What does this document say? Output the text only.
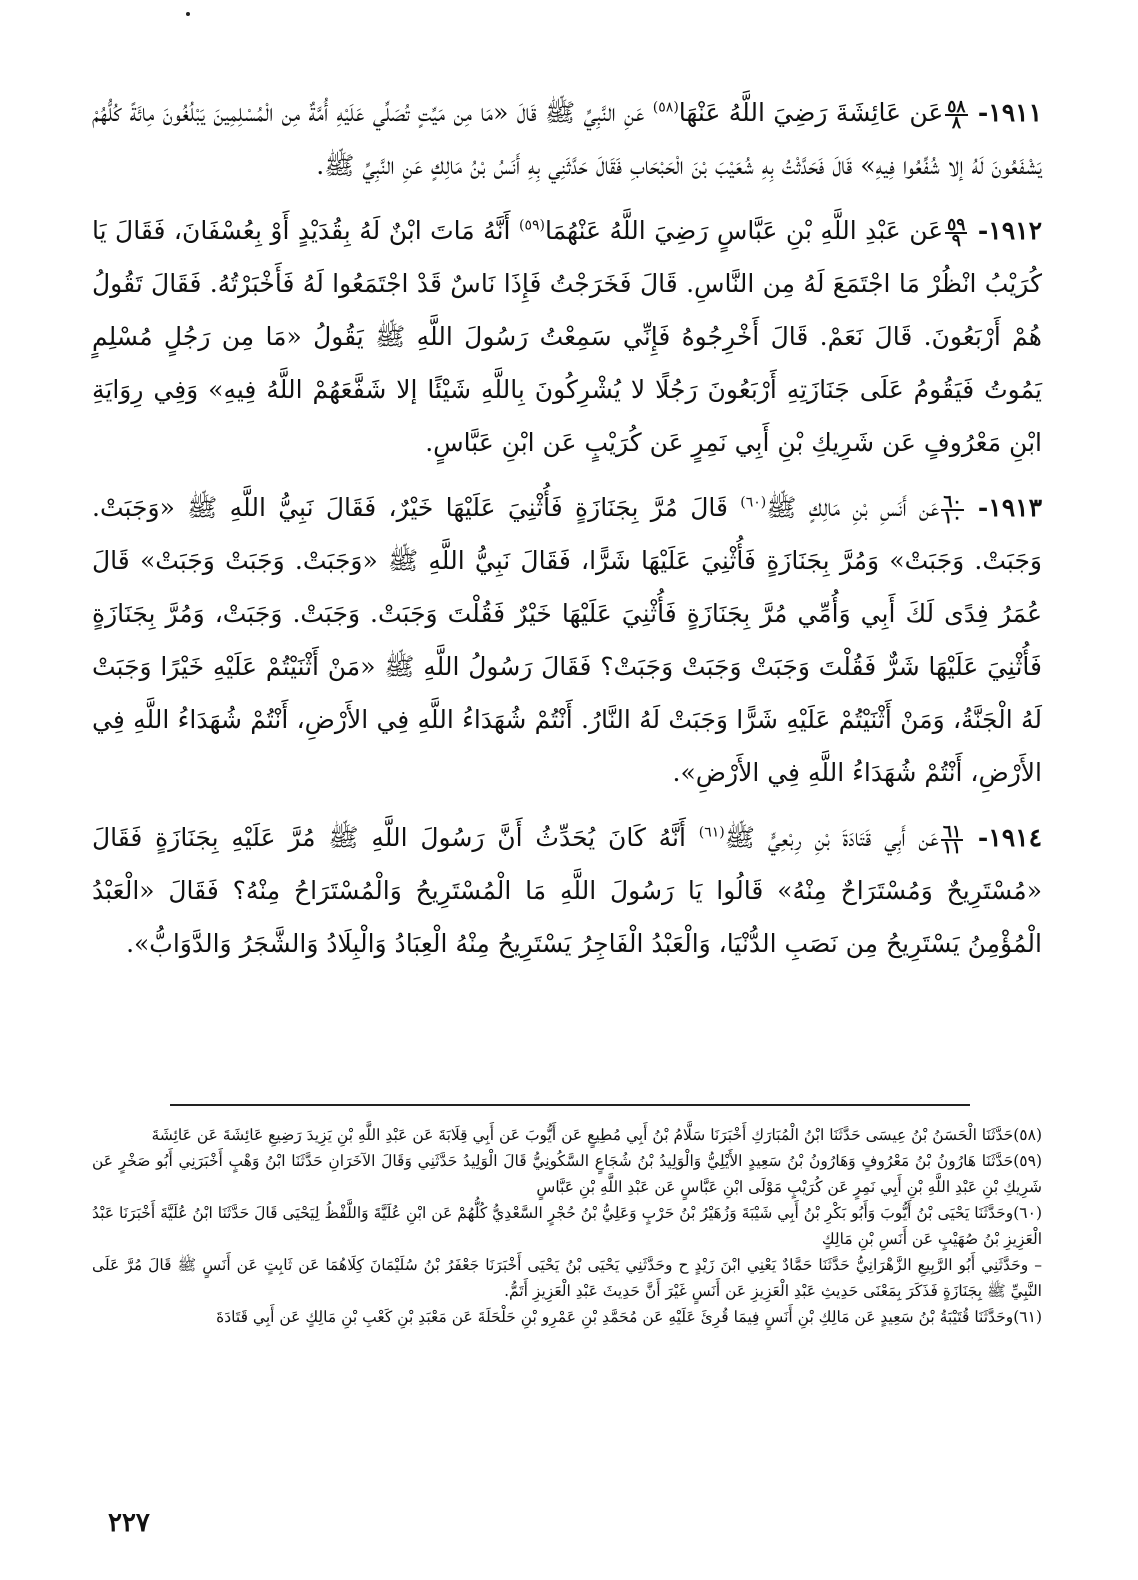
١٩١١-
$\frac{٥٨}{٨}$
عَن عَائِشَةَ رَضِيَ اللَّهُ عَنْهَا$^{(٥٨)}$ عَنِ النَّبِيِّ ﷺ قَالَ «مَا مِن مَيِّتٍ تُصَلِّي عَلَيْهِ أُمَّةٌ مِن الْمُسْلِمِينَ يَبْلُغُونَ مِائَةً كُلُّهُمْ يَشْفَعُونَ لَهُ إلا شُفِّعُوا فِيهِ» قَالَ فَحَدَّثْتُ بِهِ شُعَيْبَ بْنَ الْحَبْحَابِ فَقَالَ حَدَّثَنِي بِهِ أَنَسُ بْنُ مَالِكٍ عَنِ النَّبِيِّ ﷺ.

١٩١٢-
$\frac{٥٩}{٩}$
عَن عَبْدِ اللَّهِ بْنِ عَبَّاسٍ رَضِيَ اللَّهُ عَنْهُمَا$^{(٥٩)}$ أَنَّهُ مَاتَ ابْنٌ لَهُ بِقُدَيْدٍ أَوْ بِعُسْفَانَ، فَقَالَ يَا كُرَيْبُ انْظُرْ مَا اجْتَمَعَ لَهُ مِن النَّاسِ. قَالَ فَخَرَجْتُ فَإِذَا نَاسٌ قَدْ اجْتَمَعُوا لَهُ فَأَخْبَرْتُهُ. فَقَالَ تَقُولُ هُمْ أَرْبَعُونَ. قَالَ نَعَمْ. قَالَ أَخْرِجُوهُ فَإِنِّي سَمِعْتُ رَسُولَ اللَّهِ ﷺ يَقُولُ «مَا مِن رَجُلٍ مُسْلِمٍ يَمُوتُ فَيَقُومُ عَلَى جَنَازَتِهِ أَرْبَعُونَ رَجُلًا لا يُشْرِكُونَ بِاللَّهِ شَيْئًا إلا شَفَّعَهُمْ اللَّهُ فِيهِ» وَفِي رِوَايَةِ ابْنِ مَعْرُوفٍ عَن شَرِيكِ بْنِ أَبِي نَمِرٍ عَن كُرَيْبٍ عَن ابْنِ عَبَّاسٍ.

١٩١٣-
$\frac{٦٠}{١٠}$
عَن أَنَسِ بْنِ مَالِكٍ ﷺ$^{(٦٠)}$ قَالَ مُرَّ بِجَنَازَةٍ فَأُثْنِيَ عَلَيْهَا خَيْرٌ، فَقَالَ نَبِيُّ اللَّهِ ﷺ «وَجَبَتْ. وَجَبَتْ. وَجَبَتْ» وَمُرَّ بِجَنَازَةٍ فَأُثْنِيَ عَلَيْهَا شَرًّا، فَقَالَ نَبِيُّ اللَّهِ ﷺ «وَجَبَتْ. وَجَبَتْ وَجَبَتْ» قَالَ عُمَرُ فِدًى لَكَ أَبِي وَأُمِّي مُرَّ بِجَنَازَةٍ فَأُثْنِيَ عَلَيْهَا خَيْرٌ فَقُلْتَ وَجَبَتْ. وَجَبَتْ. وَجَبَتْ، وَمُرَّ بِجَنَازَةٍ فَأُثْنِيَ عَلَيْهَا شَرٌّ فَقُلْتَ وَجَبَتْ وَجَبَتْ وَجَبَتْ؟ فَقَالَ رَسُولُ اللَّهِ ﷺ «مَنْ أَثْنَيْتُمْ عَلَيْهِ خَيْرًا وَجَبَتْ لَهُ الْجَنَّةُ، وَمَنْ أَثْنَيْتُمْ عَلَيْهِ شَرًّا وَجَبَتْ لَهُ النَّارُ. أَنْتُمْ شُهَدَاءُ اللَّهِ فِي الأَرْضِ، أَنْتُمْ شُهَدَاءُ اللَّهِ فِي الأَرْضِ، أَنْتُمْ شُهَدَاءُ اللَّهِ فِي الأَرْضِ».

١٩١٤-
$\frac{٦١}{١١}$
عَن أَبِي قَتَادَةَ بْنِ رِبْعِيٍّ ﷺ$^{(٦١)}$ أَنَّهُ كَانَ يُحَدِّثُ أَنَّ رَسُولَ اللَّهِ ﷺ مُرَّ عَلَيْهِ بِجَنَازَةٍ فَقَالَ «مُسْتَرِيحٌ وَمُسْتَرَاحٌ مِنْهُ» قَالُوا يَا رَسُولَ اللَّهِ مَا الْمُسْتَرِيحُ وَالْمُسْتَرَاحُ مِنْهُ؟ فَقَالَ «الْعَبْدُ الْمُؤْمِنُ يَسْتَرِيحُ مِن نَصَبِ الدُّنْيَا، وَالْعَبْدُ الْفَاجِرُ يَسْتَرِيحُ مِنْهُ الْعِبَادُ وَالْبِلَادُ وَالشَّجَرُ وَالدَّوَابُّ».

(٥٨)حَدَّثَنَا الْحَسَنُ بْنُ عِيسَى حَدَّثَنَا ابْنُ الْمُبَارَكِ أَخْبَرَنَا سَلَّامُ بْنُ أَبِي مُطِيعٍ عَن أَيُّوبَ عَن أَبِي قِلَابَةَ عَن عَبْدِ اللَّهِ بْنِ يَزِيدَ رَضِيعِ عَائِشَةَ عَن عَائِشَةَ

(٥٩)حَدَّثَنَا هَارُونُ بْنُ مَعْرُوفٍ وَهَارُونُ بْنُ سَعِيدٍ الأَيْلِيُّ وَالْوَلِيدُ بْنُ شُجَاعٍ السَّكُونِيُّ قَالَ الْوَلِيدُ حَدَّثَنِي وَقَالَ الآخَرَانِ حَدَّثَنَا ابْنُ وَهْبٍ أَخْبَرَنِي أَبُو صَخْرٍ عَن شَرِيكِ بْنِ عَبْدِ اللَّهِ بْنِ أَبِي نَمِرٍ عَن كُرَيْبٍ مَوْلَى ابْنِ عَبَّاسٍ عَن عَبْدِ اللَّهِ بْنِ عَبَّاسٍ

(٦٠)وحَدَّثَنَا يَحْيَى بْنُ أَيُّوبَ وَأَبُو بَكْرِ بْنُ أَبِي شَيْبَةَ وَزُهَيْرُ بْنُ حَرْبٍ وَعَلِيُّ بْنُ حُجْرٍ السَّعْدِيُّ كُلُّهُمْ عَن ابْنِ عُلَيَّةَ وَاللَّفْظُ لِيَحْيَى قَالَ حَدَّثَنَا ابْنُ عُلَيَّةَ أَخْبَرَنَا عَبْدُ الْعَزِيزِ بْنُ صُهَيْبٍ عَن أَنَسِ بْنِ مَالِكٍ

– وحَدَّثَنِي أَبُو الرَّبِيعِ الزَّهْرَانِيُّ حَدَّثَنَا حَمَّادٌ يَعْنِي ابْنَ زَيْدٍ ح وحَدَّثَنِي يَحْيَى بْنُ يَحْيَى أَخْبَرَنَا جَعْفَرُ بْنُ سُلَيْمَانَ كِلَاهُمَا عَن ثَابِتٍ عَن أَنَسٍ ﷺ قَالَ مُرَّ عَلَى النَّبِيِّ ﷺ بِجَنَازَةٍ فَذَكَرَ بِمَعْنَى حَدِيثِ عَبْدِ الْعَزِيزِ عَن أَنَسٍ غَيْرَ أَنَّ حَدِيثَ عَبْدِ الْعَزِيزِ أَتَمُّ.

(٦١)وحَدَّثَنَا قُتَيْبَةُ بْنُ سَعِيدٍ عَن مَالِكِ بْنِ أَنَسٍ فِيمَا قُرِئَ عَلَيْهِ عَن مُحَمَّدِ بْنِ عَمْرِو بْنِ حَلْحَلَةَ عَن مَعْبَدِ بْنِ كَعْبِ بْنِ مَالِكٍ عَن أَبِي قَتَادَةَ

٢٢٧
